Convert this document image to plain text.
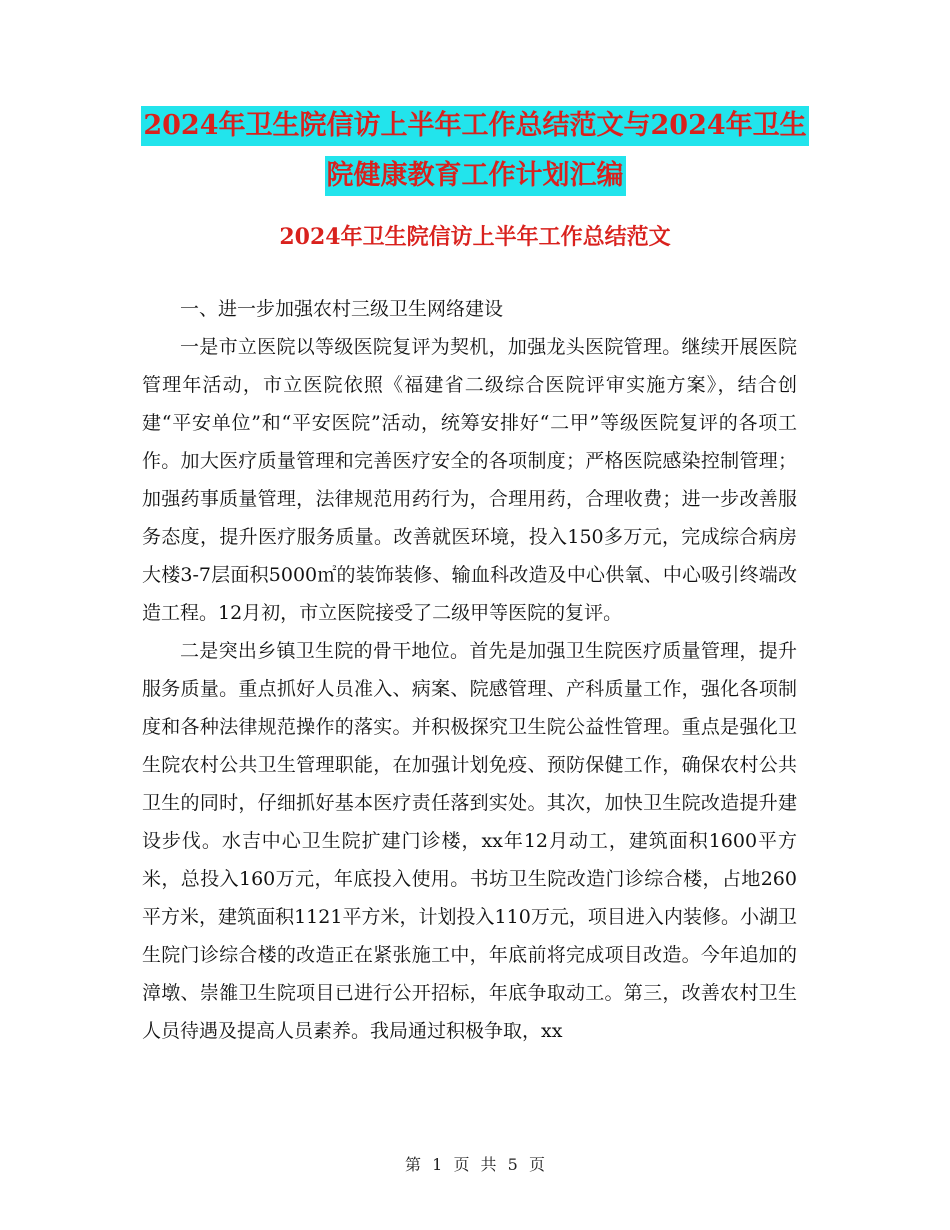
2024年卫生院信访上半年工作总结范文与2024年卫生
院健康教育工作计划汇编
2024年卫生院信访上半年工作总结范文

一、进一步加强农村三级卫生网络建设

一是市立医院以等级医院复评为契机，加强龙头医院管理。继续开展医院管理年活动，市立医院依照《福建省二级综合医院评审实施方案》，结合创建“平安单位”和“平安医院”活动，统筹安排好“二甲”等级医院复评的各项工作。加大医疗质量管理和完善医疗安全的各项制度；严格医院感染控制管理；加强药事质量管理，法律规范用药行为，合理用药，合理收费；进一步改善服务态度，提升医疗服务质量。改善就医环境，投入150多万元，完成综合病房大楼3-7层面积5000㎡的装饰装修、输血科改造及中心供氧、中心吸引终端改造工程。12月初，市立医院接受了二级甲等医院的复评。

二是突出乡镇卫生院的骨干地位。首先是加强卫生院医疗质量管理，提升服务质量。重点抓好人员准入、病案、院感管理、产科质量工作，强化各项制度和各种法律规范操作的落实。并积极探究卫生院公益性管理。重点是强化卫生院农村公共卫生管理职能，在加强计划免疫、预防保健工作，确保农村公共卫生的同时，仔细抓好基本医疗责任落到实处。其次，加快卫生院改造提升建设步伐。水吉中心卫生院扩建门诊楼，xx年12月动工，建筑面积1600平方米，总投入160万元，年底投入使用。书坊卫生院改造门诊综合楼，占地260平方米，建筑面积1121平方米，计划投入110万元，项目进入内装修。小湖卫生院门诊综合楼的改造正在紧张施工中，年底前将完成项目改造。今年追加的漳墩、崇雒卫生院项目已进行公开招标，年底争取动工。第三，改善农村卫生人员待遇及提高人员素养。我局通过积极争取，xx

第 1 页 共 5 页
